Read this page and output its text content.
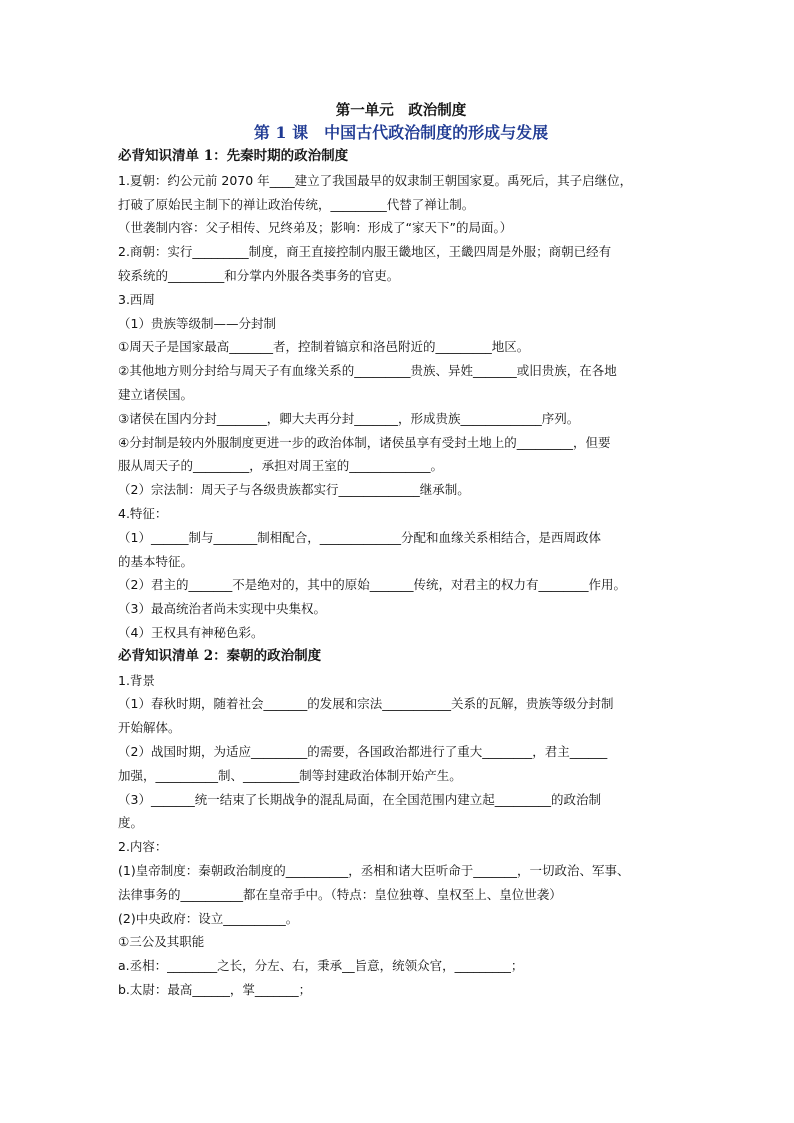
第一单元　政治制度
第 1 课　中国古代政治制度的形成与发展
必背知识清单 1：先秦时期的政治制度
1.夏朝：约公元前 2070 年____建立了我国最早的奴隶制王朝国家夏。禹死后，其子启继位，
打破了原始民主制下的禅让政治传统，_________代替了禅让制。
（世袭制内容：父子相传、兄终弟及；影响：形成了“家天下”的局面。）
2.商朝：实行_________制度，商王直接控制内服王畿地区，王畿四周是外服；商朝已经有
较系统的_________和分掌内外服各类事务的官吏。
3.西周
（1）贵族等级制——分封制
①周天子是国家最高_______者，控制着镐京和洛邑附近的_________地区。
②其他地方则分封给与周天子有血缘关系的_________贵族、异姓_______或旧贵族，在各地
建立诸侯国。
③诸侯在国内分封________，卿大夫再分封_______，形成贵族_____________序列。
④分封制是较内外服制度更进一步的政治体制，诸侯虽享有受封土地上的_________，但要
服从周天子的_________，承担对周王室的_____________。
（2）宗法制：周天子与各级贵族都实行_____________继承制。
4.特征：
（1）______制与_______制相配合，_____________分配和血缘关系相结合，是西周政体
的基本特征。
（2）君主的_______不是绝对的，其中的原始_______传统，对君主的权力有________作用。
（3）最高统治者尚未实现中央集权。
（4）王权具有神秘色彩。
必背知识清单 2：秦朝的政治制度
1.背景
（1）春秋时期，随着社会_______的发展和宗法___________关系的瓦解，贵族等级分封制
开始解体。
（2）战国时期，为适应_________的需要，各国政治都进行了重大________，君主______
加强，__________制、_________制等封建政治体制开始产生。
（3）_______统一结束了长期战争的混乱局面，在全国范围内建立起_________的政治制
度。
2.内容：
(1)皇帝制度：秦朝政治制度的__________，丞相和诸大臣听命于_______，一切政治、军事、
法律事务的__________都在皇帝手中。（特点：皇位独尊、皇权至上、皇位世袭）
(2)中央政府：设立__________。
①三公及其职能
a.丞相：________之长，分左、右，秉承__旨意，统领众官，_________；
b.太尉：最高______，掌_______；
